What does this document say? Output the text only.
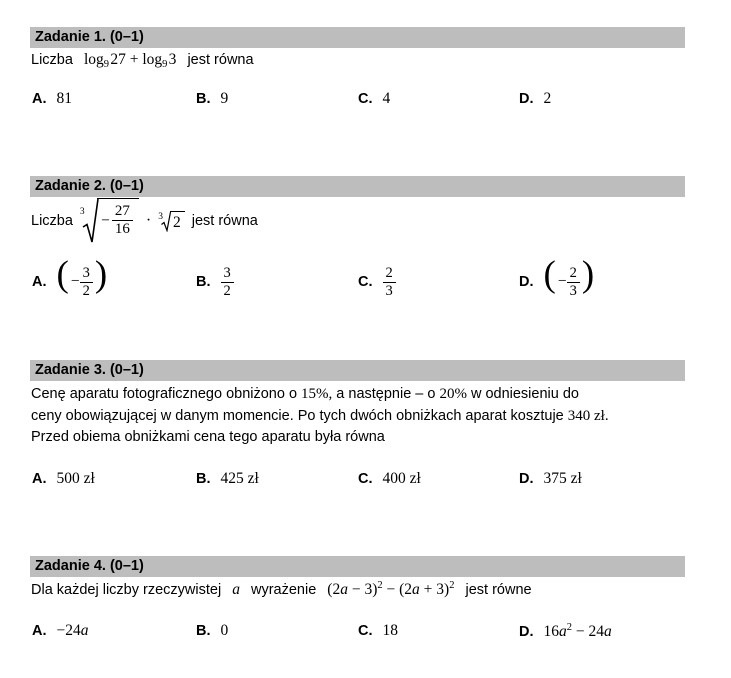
Zadanie 1. (0–1)
Liczba log9 27 + log9 3 jest równa
A. 81	B. 9	C. 4	D. 2
Zadanie 2. (0–1)
Liczba
$3 - \frac{27}{16} \cdot 3$ 2 jest równa
A. ( − $\frac{3}{2}$ )	B. $\frac{3}{2}$	C. $\frac{2}{3}$	D. ( − $\frac{2}{3}$ )
Zadanie 3. (0–1)
Cenę aparatu fotograficznego obniżono o 15%, a następnie – o 20% w odniesieniu do
ceny obowiązującej w danym momencie. Po tych dwóch obniżkach aparat kosztuje 340 zł.
Przed obiema obniżkami cena tego aparatu była równa
A. 500 zł	B. 425 zł	C. 400 zł	D. 375 zł
Zadanie 4. (0–1)
Dla każdej liczby rzeczywistej a wyrażenie $(2a - 3)^2 - (2a + 3)^2$ jest równe
A. −24a	B. 0	C. 18	D. $16a^2 - 24a$
